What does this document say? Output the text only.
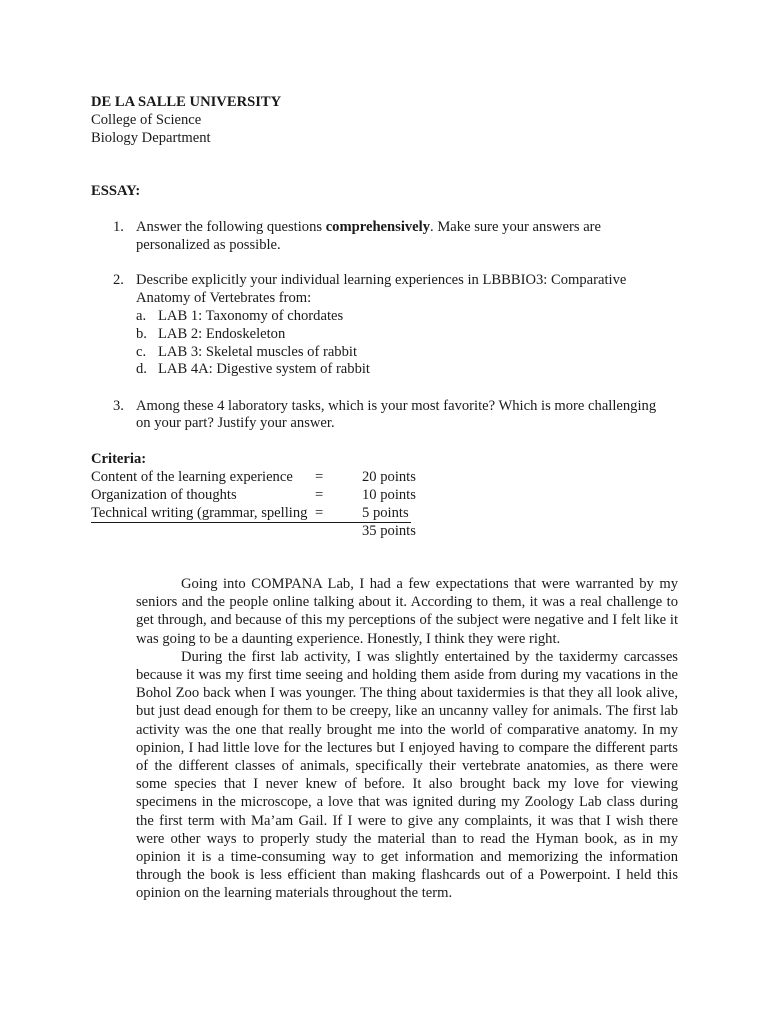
DE LA SALLE UNIVERSITY
College of Science
Biology Department
ESSAY:
1. Answer the following questions comprehensively. Make sure your answers are
personalized as possible.
2. Describe explicitly your individual learning experiences in LBBBIO3: Comparative
Anatomy of Vertebrates from:
a. LAB 1: Taxonomy of chordates
b. LAB 2: Endoskeleton
c. LAB 3: Skeletal muscles of rabbit
d. LAB 4A: Digestive system of rabbit
3. Among these 4 laboratory tasks, which is your most favorite? Which is more challenging
on your part? Justify your answer.
Criteria:
Content of the learning experience =	20 points
Organization of thoughts	=	10 points
Technical writing (grammar, spelling =	5 points
35 points

Going into COMPANA Lab, I had a few expectations that were warranted by my seniors and the people online talking about it. According to them, it was a real challenge to get through, and because of this my perceptions of the subject were negative and I felt like it was going to be a daunting experience. Honestly, I think they were right.

During the first lab activity, I was slightly entertained by the taxidermy carcasses because it was my first time seeing and holding them aside from during my vacations in the Bohol Zoo back when I was younger. The thing about taxidermies is that they all look alive, but just dead enough for them to be creepy, like an uncanny valley for animals. The first lab activity was the one that really brought me into the world of comparative anatomy. In my opinion, I had little love for the lectures but I enjoyed having to compare the different parts of the different classes of animals, specifically their vertebrate anatomies, as there were some species that I never knew of before. It also brought back my love for viewing specimens in the microscope, a love that was ignited during my Zoology Lab class during the first term with Ma’am Gail. If I were to give any complaints, it was that I wish there were other ways to properly study the material than to read the Hyman book, as in my opinion it is a time-consuming way to get information and memorizing the information through the book is less efficient than making flashcards out of a Powerpoint. I held this opinion on the learning materials throughout the term.
